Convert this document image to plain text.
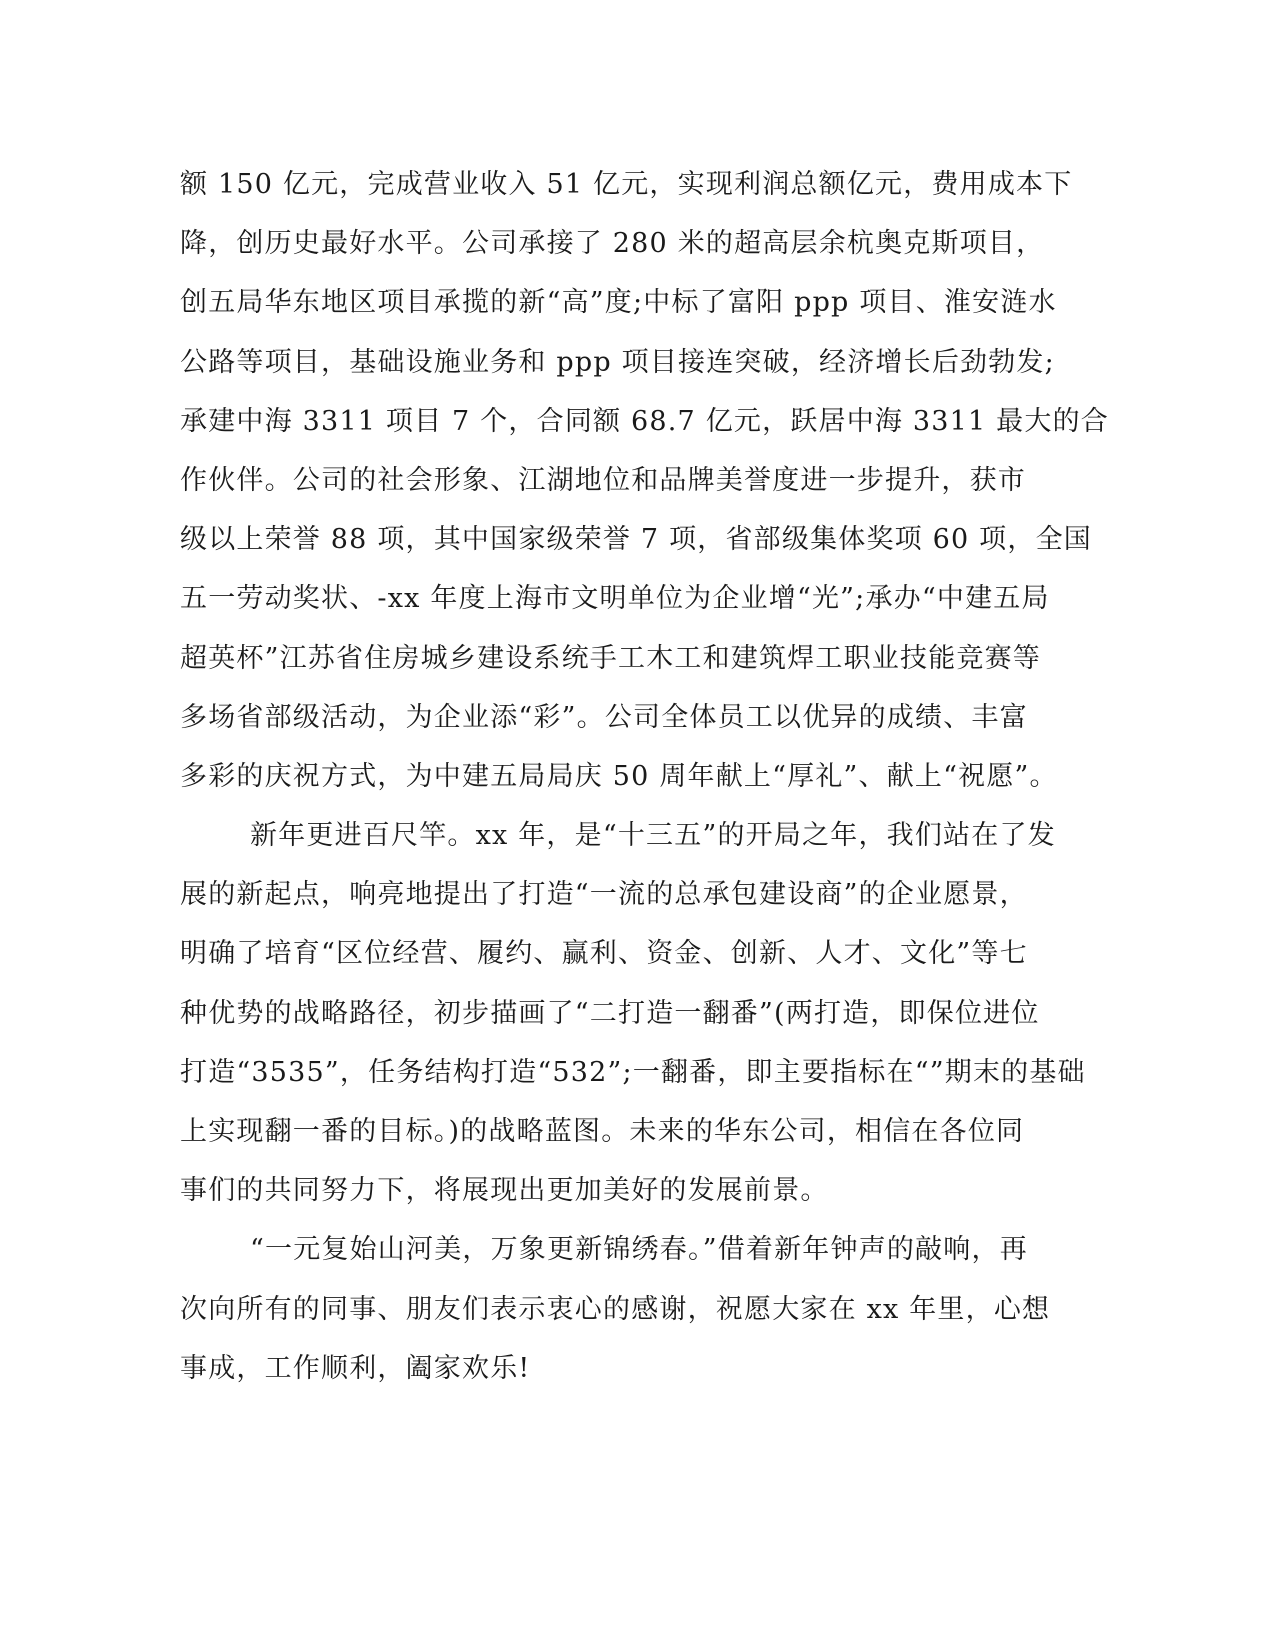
额 150 亿元，完成营业收入 51 亿元，实现利润总额亿元，费用成本下
降，创历史最好水平。公司承接了 280 米的超高层余杭奥克斯项目，
创五局华东地区项目承揽的新“高”度;中标了富阳 ppp 项目、淮安涟水
公路等项目，基础设施业务和 ppp 项目接连突破，经济增长后劲勃发;
承建中海 3311 项目 7 个，合同额 68.7 亿元，跃居中海 3311 最大的合
作伙伴。公司的社会形象、江湖地位和品牌美誉度进一步提升，获市
级以上荣誉 88 项，其中国家级荣誉 7 项，省部级集体奖项 60 项，全国
五一劳动奖状、-xx 年度上海市文明单位为企业增“光”;承办“中建五局
超英杯”江苏省住房城乡建设系统手工木工和建筑焊工职业技能竞赛等
多场省部级活动，为企业添“彩”。公司全体员工以优异的成绩、丰富
多彩的庆祝方式，为中建五局局庆 50 周年献上“厚礼”、献上“祝愿”。
新年更进百尺竿。xx 年，是“十三五”的开局之年，我们站在了发
展的新起点，响亮地提出了打造“一流的总承包建设商”的企业愿景，
明确了培育“区位经营、履约、赢利、资金、创新、人才、文化”等七
种优势的战略路径，初步描画了“二打造一翻番”(两打造，即保位进位
打造“3535”，任务结构打造“532”;一翻番，即主要指标在“”期末的基础
上实现翻一番的目标。)的战略蓝图。未来的华东公司，相信在各位同
事们的共同努力下，将展现出更加美好的发展前景。
“一元复始山河美，万象更新锦绣春。”借着新年钟声的敲响，再
次向所有的同事、朋友们表示衷心的感谢，祝愿大家在 xx 年里，心想
事成，工作顺利，阖家欢乐!
